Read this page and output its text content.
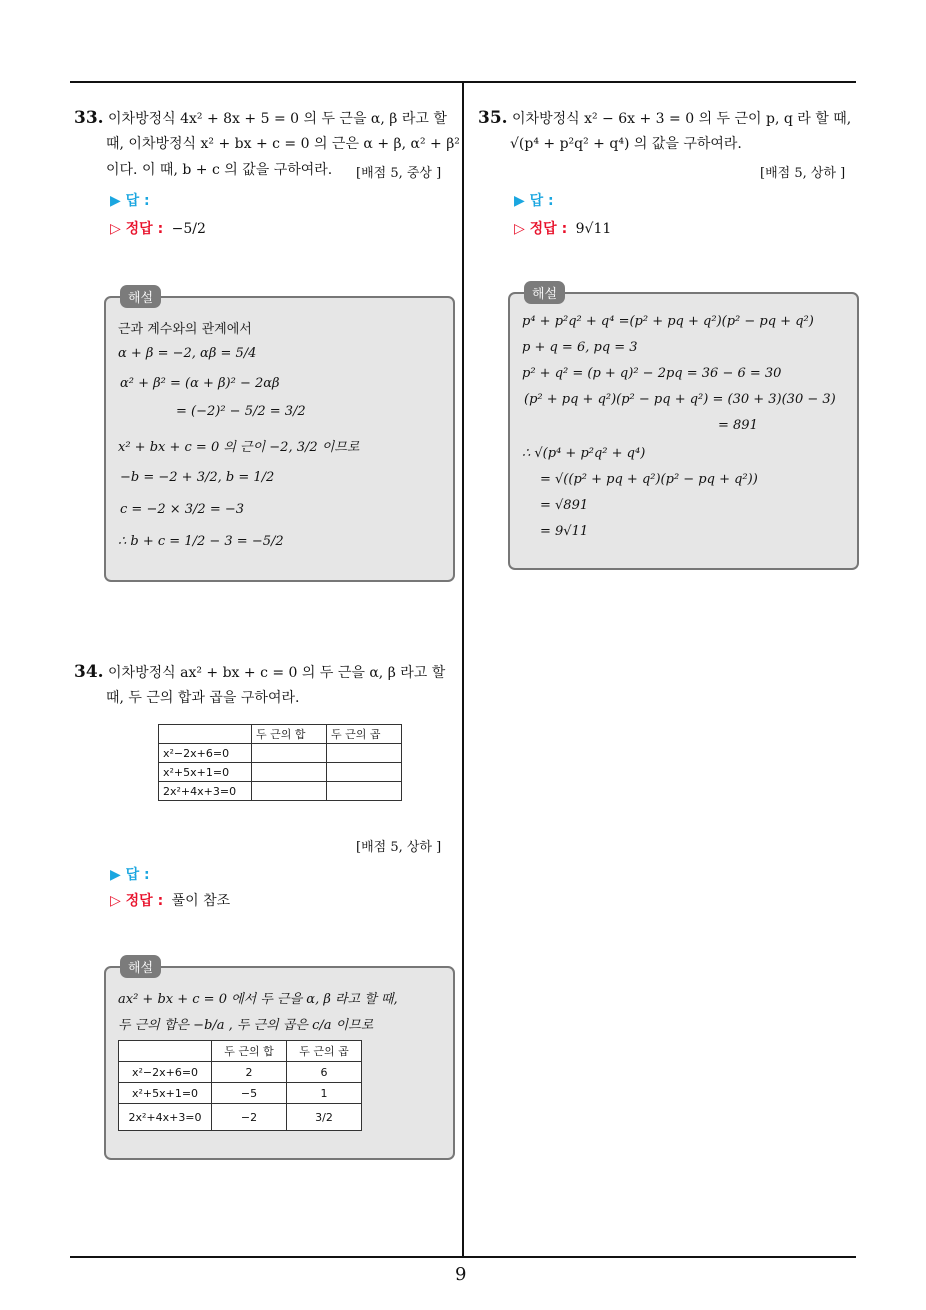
9
33. 이차방정식 4x² + 8x + 5 = 0 의 두 근을 α, β 라고 할
때, 이차방정식 x² + bx + c = 0 의 근은 α + β, α² + β²
이다. 이 때, b + c 의 값을 구하여라. [배점 5, 중상 ]
▶ 답 :
▷ 정답 : −5/2
해설
근과 계수와의 관계에서
α + β = −2, αβ = 5/4
α² + β² = (α + β)² − 2αβ
= (−2)² − 5/2 = 3/2
x² + bx + c = 0 의 근이 −2, 3/2 이므로
−b = −2 + 3/2, b = 1/2
c = −2 × 3/2 = −3
∴ b + c = 1/2 − 3 = −5/2
34. 이차방정식 ax² + bx + c = 0 의 두 근을 α, β 라고 할
때, 두 근의 합과 곱을 구하여라.
	두 근의 합	두 근의 곱
x²−2x+6=0		
x²+5x+1=0		
2x²+4x+3=0		
[배점 5, 상하 ]
▶ 답 :
▷ 정답 : 풀이 참조
해설
ax² + bx + c = 0 에서 두 근을 α, β 라고 할 때,
두 근의 합은 −b/a , 두 근의 곱은 c/a 이므로
	두 근의 합	두 근의 곱
x²−2x+6=0	2	6
x²+5x+1=0	−5	1
2x²+4x+3=0	−2	3/2
35. 이차방정식 x² − 6x + 3 = 0 의 두 근이 p, q 라 할 때,
√(p⁴ + p²q² + q⁴) 의 값을 구하여라.
[배점 5, 상하 ]
▶ 답 :
▷ 정답 : 9√11
해설
p⁴ + p²q² + q⁴ =(p² + pq + q²)(p² − pq + q²)
p + q = 6, pq = 3
p² + q² = (p + q)² − 2pq = 36 − 6 = 30
(p² + pq + q²)(p² − pq + q²) = (30 + 3)(30 − 3)
= 891
∴ √(p⁴ + p²q² + q⁴)
= √((p² + pq + q²)(p² − pq + q²))
= √891
= 9√11
